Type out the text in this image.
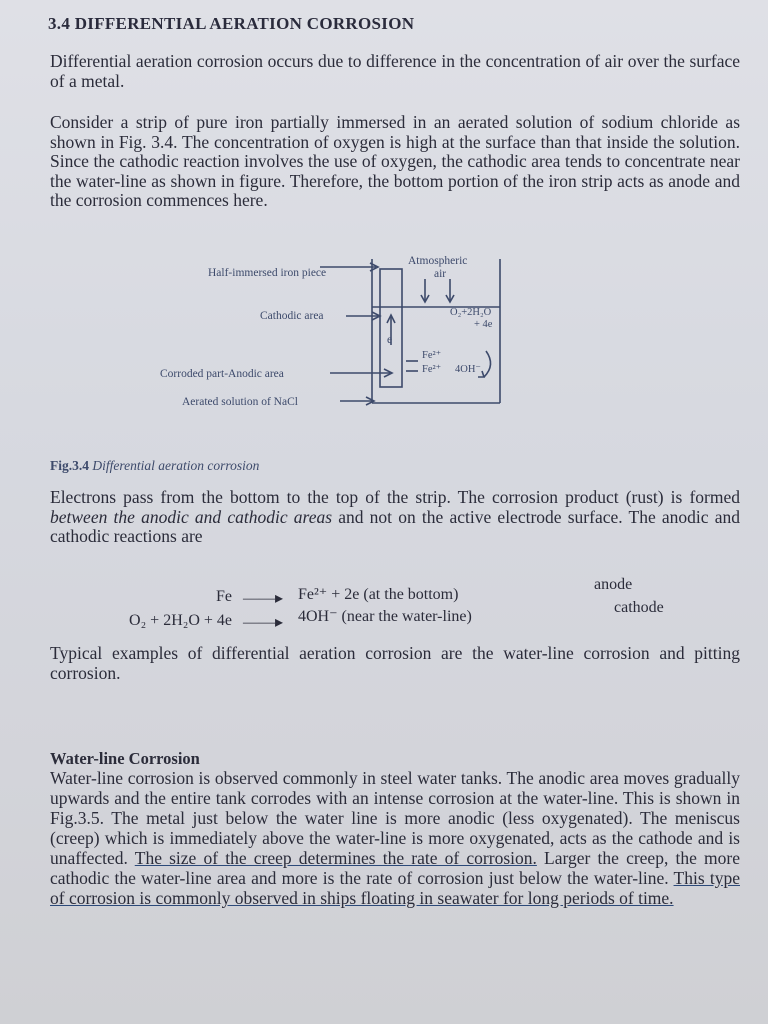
3.4 DIFFERENTIAL AERATION CORROSION
Differential aeration corrosion occurs due to difference in the concentration of air over the surface of a metal.
Consider a strip of pure iron partially immersed in an aerated solution of sodium chloride as shown in Fig. 3.4. The concentration of oxygen is high at the surface than that inside the solution. Since the cathodic reaction involves the use of oxygen, the cathodic area tends to concentrate near the water-line as shown in figure. Therefore, the bottom portion of the iron strip acts as anode and the corrosion commences here.
Half-immersed iron piece
Cathodic area
Corroded part-Anodic area
Aerated solution of NaCl
Atmospheric
air
O₂+2H₂O
+ 4e
e
Fe²⁺
Fe²⁺ 4OH⁻
Fig.3.4 Differential aeration corrosion
Electrons pass from the bottom to the top of the strip. The corrosion product (rust) is formed between the anodic and cathodic areas and not on the active electrode surface. The anodic and cathodic reactions are
Fe ——▸ Fe²⁺ + 2e (at the bottom)
anode
O₂ + 2H₂O + 4e ——▸ 4OH⁻ (near the water-line)
cathode
Typical examples of differential aeration corrosion are the water-line corrosion and pitting corrosion.
Water-line Corrosion
Water-line corrosion is observed commonly in steel water tanks. The anodic area moves gradually upwards and the entire tank corrodes with an intense corrosion at the water-line. This is shown in Fig.3.5. The metal just below the water line is more anodic (less oxygenated). The meniscus (creep) which is immediately above the water-line is more oxygenated, acts as the cathode and is unaffected. The size of the creep determines the rate of corrosion. Larger the creep, the more cathodic the water-line area and more is the rate of corrosion just below the water-line. This type of corrosion is commonly observed in ships floating in seawater for long periods of time.
